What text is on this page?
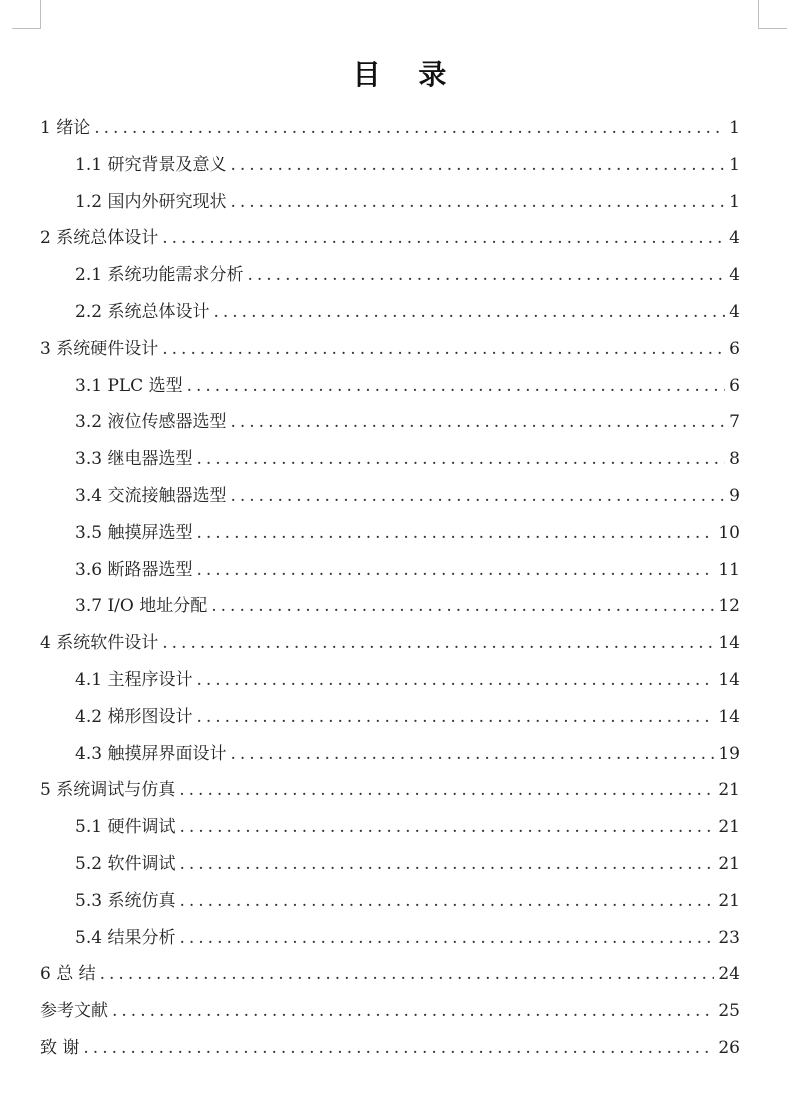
目 录
1 绪论 .....	1
1.1 研究背景及意义 .....	1
1.2 国内外研究现状 .....	1
2 系统总体设计 .....	4
2.1 系统功能需求分析 .....	4
2.2 系统总体设计 .....	4
3 系统硬件设计 .....	6
3.1 PLC 选型 .....	6
3.2 液位传感器选型 .....	7
3.3 继电器选型 .....	8
3.4 交流接触器选型 .....	9
3.5 触摸屏选型 .....	10
3.6 断路器选型 .....	11
3.7 I/O 地址分配 .....	12
4 系统软件设计 .....	14
4.1 主程序设计 .....	14
4.2 梯形图设计 .....	14
4.3 触摸屏界面设计 .....	19
5 系统调试与仿真 .....	21
5.1 硬件调试 .....	21
5.2 软件调试 .....	21
5.3 系统仿真 .....	21
5.4 结果分析 .....	23
6 总 结 .....	24
参考文献 .....	25
致 谢 .....	26
